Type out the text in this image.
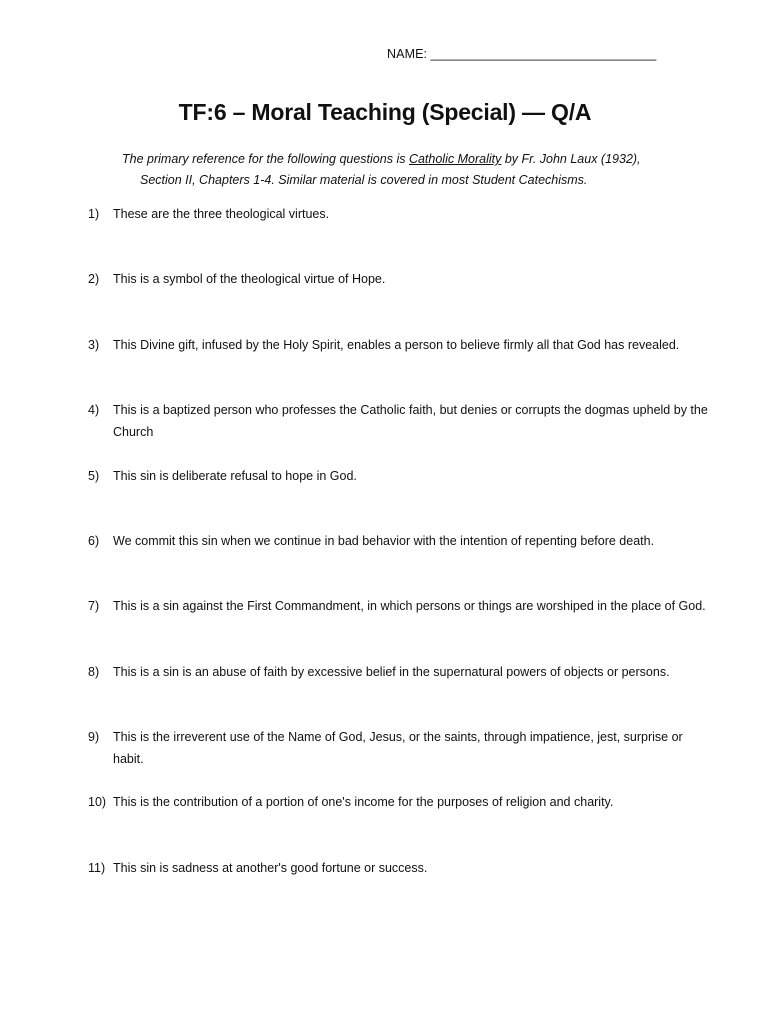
NAME: ________________________________
TF:6 – Moral Teaching (Special) — Q/A
The primary reference for the following questions is Catholic Morality by Fr. John Laux (1932),
Section II, Chapters 1-4. Similar material is covered in most Student Catechisms.
1) These are the three theological virtues.
2) This is a symbol of the theological virtue of Hope.
3) This Divine gift, infused by the Holy Spirit, enables a person to believe firmly all that God has revealed.
4) This is a baptized person who professes the Catholic faith, but denies or corrupts the dogmas upheld by the Church
5) This sin is deliberate refusal to hope in God.
6) We commit this sin when we continue in bad behavior with the intention of repenting before death.
7) This is a sin against the First Commandment, in which persons or things are worshiped in the place of God.
8) This is a sin is an abuse of faith by excessive belief in the supernatural powers of objects or persons.
9) This is the irreverent use of the Name of God, Jesus, or the saints, through impatience, jest, surprise or habit.
10) This is the contribution of a portion of one's income for the purposes of religion and charity.
11) This sin is sadness at another's good fortune or success.
